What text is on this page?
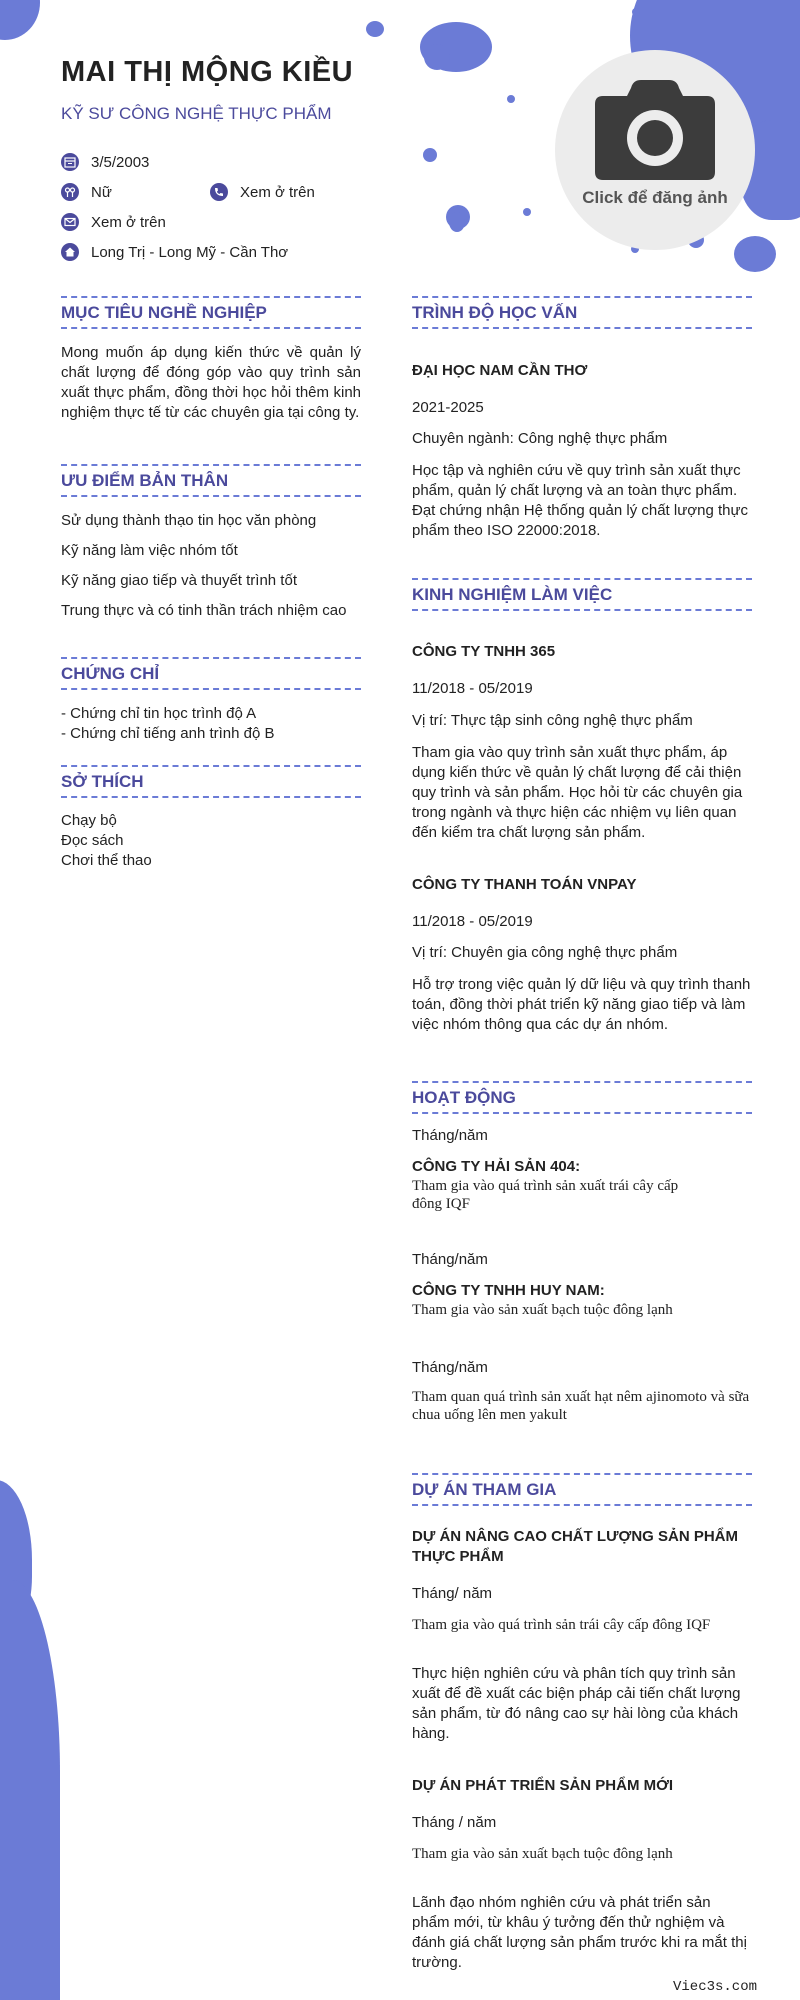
MAI THỊ MỘNG KIỀU
KỸ SƯ CÔNG NGHỆ THỰC PHẨM
3/5/2003
Nữ	Xem ở trên
Xem ở trên
Long Trị - Long Mỹ - Cần Thơ
Click để đăng ảnh
MỤC TIÊU NGHỀ NGHIỆP
Mong muốn áp dụng kiến thức về quản lý chất lượng để đóng góp vào quy trình sản xuất thực phẩm, đồng thời học hỏi thêm kinh nghiệm thực tế từ các chuyên gia tại công ty.
ƯU ĐIỂM BẢN THÂN
Sử dụng thành thạo tin học văn phòng
Kỹ năng làm việc nhóm tốt
Kỹ năng giao tiếp và thuyết trình tốt
Trung thực và có tinh thần trách nhiệm cao
CHỨNG CHỈ
- Chứng chỉ tin học trình độ A
- Chứng chỉ tiếng anh trình độ B
SỞ THÍCH
Chạy bộ
Đọc sách
Chơi thể thao
TRÌNH ĐỘ HỌC VẤN
ĐẠI HỌC NAM CẦN THƠ
2021-2025
Chuyên ngành: Công nghệ thực phẩm
Học tập và nghiên cứu về quy trình sản xuất thực phẩm, quản lý chất lượng và an toàn thực phẩm. Đạt chứng nhận Hệ thống quản lý chất lượng thực phẩm theo ISO 22000:2018.
KINH NGHIỆM LÀM VIỆC
CÔNG TY TNHH 365
11/2018 - 05/2019
Vị trí: Thực tập sinh công nghệ thực phẩm
Tham gia vào quy trình sản xuất thực phẩm, áp dụng kiến thức về quản lý chất lượng để cải thiện quy trình và sản phẩm. Học hỏi từ các chuyên gia trong ngành và thực hiện các nhiệm vụ liên quan đến kiểm tra chất lượng sản phẩm.
CÔNG TY THANH TOÁN VNPAY
11/2018 - 05/2019
Vị trí: Chuyên gia công nghệ thực phẩm
Hỗ trợ trong việc quản lý dữ liệu và quy trình thanh toán, đồng thời phát triển kỹ năng giao tiếp và làm việc nhóm thông qua các dự án nhóm.
HOẠT ĐỘNG
Tháng/năm
CÔNG TY HẢI SẢN 404:
Tham gia vào quá trình sản xuất trái cây cấp đông IQF
Tháng/năm
CÔNG TY TNHH HUY NAM:
Tham gia vào sản xuất bạch tuộc đông lạnh
Tháng/năm
Tham quan quá trình sản xuất hạt nêm ajinomoto và sữa chua uống lên men yakult
DỰ ÁN THAM GIA
DỰ ÁN NÂNG CAO CHẤT LƯỢNG SẢN PHẨM THỰC PHẨM
Tháng/ năm
Tham gia vào quá trình sản trái cây cấp đông IQF
Thực hiện nghiên cứu và phân tích quy trình sản xuất để đề xuất các biện pháp cải tiến chất lượng sản phẩm, từ đó nâng cao sự hài lòng của khách hàng.
DỰ ÁN PHÁT TRIỂN SẢN PHẨM MỚI
Tháng / năm
Tham gia vào sản xuất bạch tuộc đông lạnh
Lãnh đạo nhóm nghiên cứu và phát triển sản phẩm mới, từ khâu ý tưởng đến thử nghiệm và đánh giá chất lượng sản phẩm trước khi ra mắt thị trường.
Viec3s.com
